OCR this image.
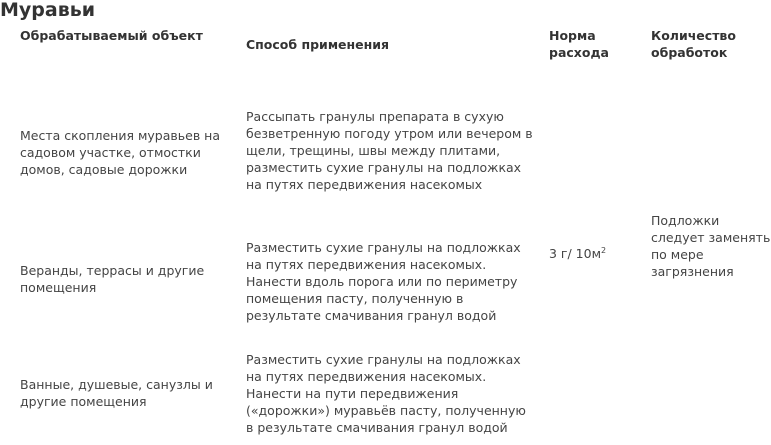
Муравьи
Обрабатываемый объект
Способ применения
Норма расхода
Количество обработок
Места скопления муравьев на садовом участке, отмостки домов, садовые дорожки
Рассыпать гранулы препарата в сухую безветренную погоду утром или вечером в щели, трещины, швы между плитами, разместить сухие гранулы на подложках на путях передвижения насекомых
Веранды, террасы и другие помещения
Разместить сухие гранулы на подложках на путях передвижения насекомых. Нанести вдоль порога или по периметру помещения пасту, полученную в результате смачивания гранул водой
3 г/ $10м^2$
Подложки следует заменять по мере загрязнения
Ванные, душевые, санузлы и другие помещения
Разместить сухие гранулы на подложках на путях передвижения насекомых. Нанести на пути передвижения («дорожки») муравьёв пасту, полученную в результате смачивания гранул водой
